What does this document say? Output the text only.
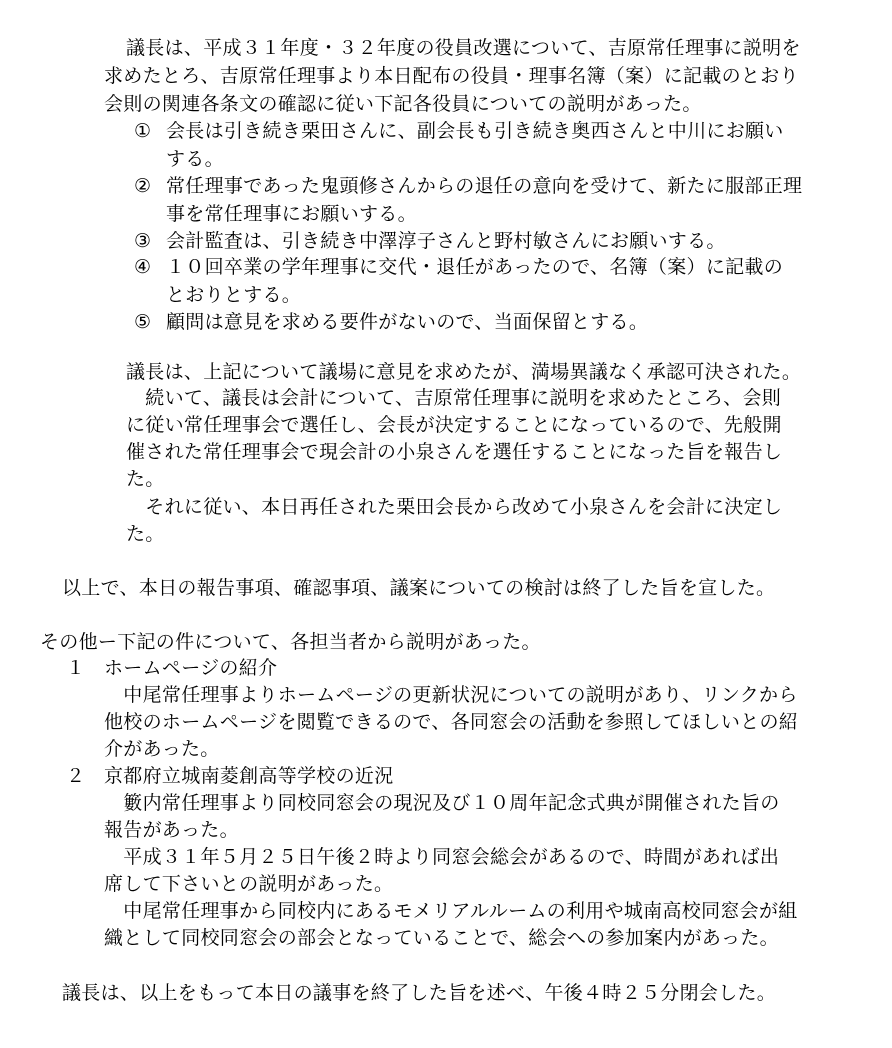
議長は、平成３１年度・３２年度の役員改選について、吉原常任理事に説明を

求めたとろ、吉原常任理事より本日配布の役員・理事名簿（案）に記載のとおり

会則の関連各条文の確認に従い下記各役員についての説明があった。

① 会長は引き続き栗田さんに、副会長も引き続き奥西さんと中川にお願い

する。

② 常任理事であった鬼頭修さんからの退任の意向を受けて、新たに服部正理

事を常任理事にお願いする。

③ 会計監査は、引き続き中澤淳子さんと野村敏さんにお願いする。

④ １０回卒業の学年理事に交代・退任があったので、名簿（案）に記載の

とおりとする。

⑤ 顧問は意見を求める要件がないので、当面保留とする。

議長は、上記について議場に意見を求めたが、満場異議なく承認可決された。

　続いて、議長は会計について、吉原常任理事に説明を求めたところ、会則

に従い常任理事会で選任し、会長が決定することになっているので、先般開

催された常任理事会で現会計の小泉さんを選任することになった旨を報告し

た。

　それに従い、本日再任された栗田会長から改めて小泉さんを会計に決定し

た。

以上で、本日の報告事項、確認事項、議案についての検討は終了した旨を宣した。

その他ー下記の件について、各担当者から説明があった。

１ ホームページの紹介

　中尾常任理事よりホームページの更新状況についての説明があり、リンクから

他校のホームページを閲覧できるので、各同窓会の活動を参照してほしいとの紹

介があった。

２ 京都府立城南菱創高等学校の近況

　籔内常任理事より同校同窓会の現況及び１０周年記念式典が開催された旨の

報告があった。

　平成３１年５月２５日午後２時より同窓会総会があるので、時間があれば出

席して下さいとの説明があった。

　中尾常任理事から同校内にあるモメリアルルームの利用や城南高校同窓会が組

織として同校同窓会の部会となっていることで、総会への参加案内があった。

議長は、以上をもって本日の議事を終了した旨を述べ、午後４時２５分閉会した。
